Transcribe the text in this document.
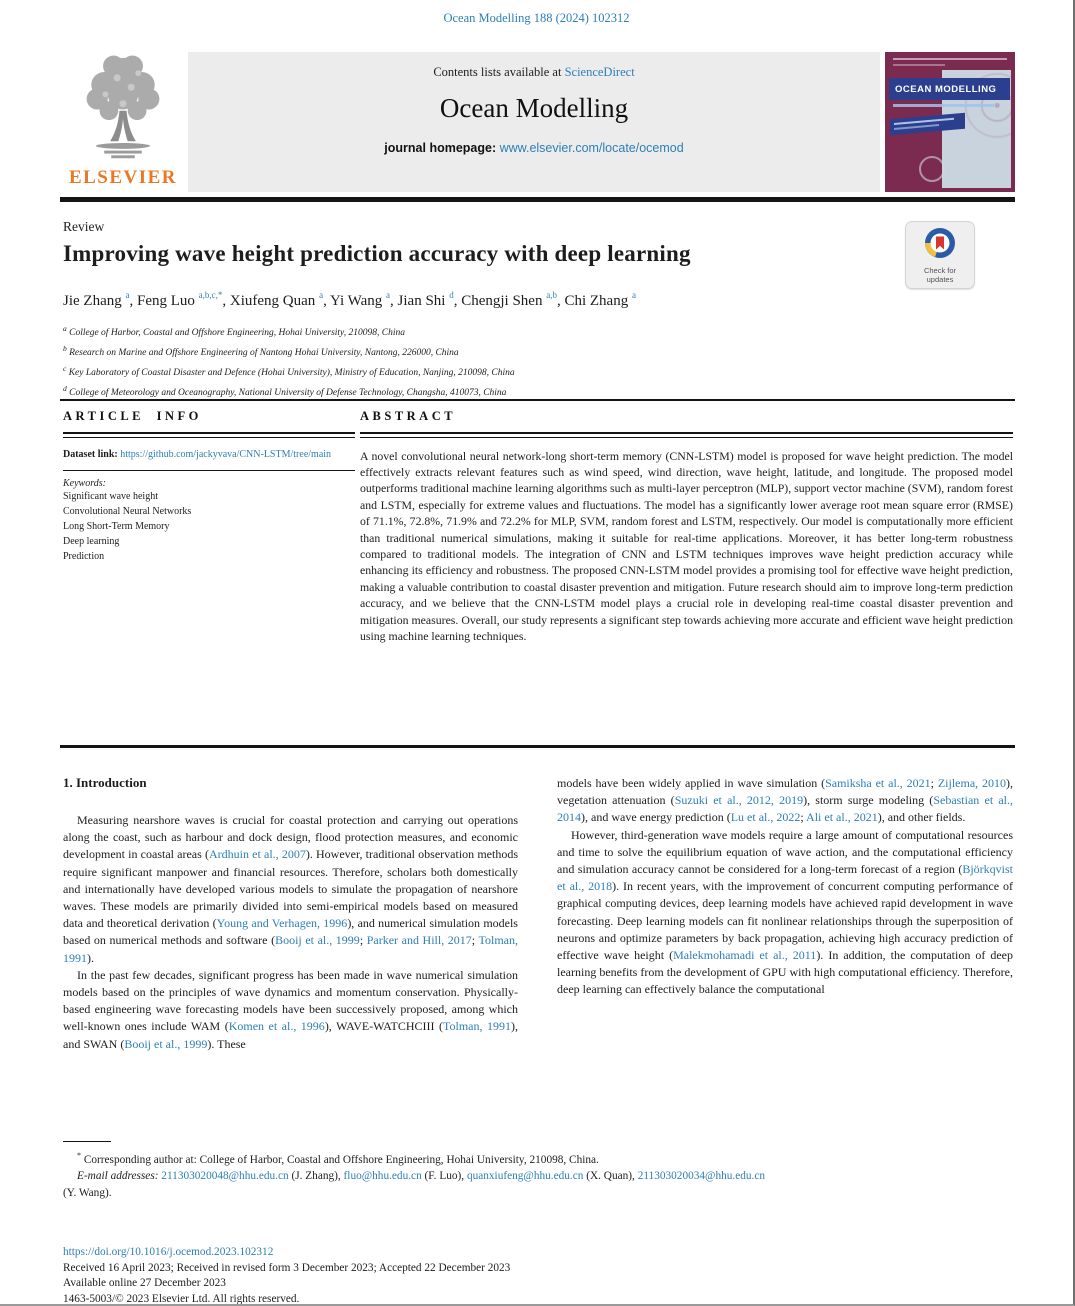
Ocean Modelling 188 (2024) 102312
ELSEVIER
Contents lists available at ScienceDirect
Ocean Modelling
journal homepage: www.elsevier.com/locate/ocemod
OCEAN MODELLING
Review
Improving wave height prediction accuracy with deep learning
Check for
updates
Jie Zhang $^a$, Feng Luo $^{a,b,c,*}$, Xiufeng Quan $^a$, Yi Wang $^a$, Jian Shi $^d$, Chengji Shen $^{a,b}$, Chi Zhang $^a$
$^a$ College of Harbor, Coastal and Offshore Engineering, Hohai University, 210098, China
$^b$ Research on Marine and Offshore Engineering of Nantong Hohai University, Nantong, 226000, China
$^c$ Key Laboratory of Coastal Disaster and Defence (Hohai University), Ministry of Education, Nanjing, 210098, China
$^d$ College of Meteorology and Oceanography, National University of Defense Technology, Changsha, 410073, China
ARTICLE INFO
Dataset link: https://github.com/jackyvava/CNN-LSTM/tree/main
Keywords:
Significant wave height
Convolutional Neural Networks
Long Short-Term Memory
Deep learning
Prediction
ABSTRACT
A novel convolutional neural network-long short-term memory (CNN-LSTM) model is proposed for wave height prediction. The model effectively extracts relevant features such as wind speed, wind direction, wave height, latitude, and longitude. The proposed model outperforms traditional machine learning algorithms such as multi-layer perceptron (MLP), support vector machine (SVM), random forest and LSTM, especially for extreme values and fluctuations. The model has a significantly lower average root mean square error (RMSE) of 71.1%, 72.8%, 71.9% and 72.2% for MLP, SVM, random forest and LSTM, respectively. Our model is computationally more efficient than traditional numerical simulations, making it suitable for real-time applications. Moreover, it has better long-term robustness compared to traditional models. The integration of CNN and LSTM techniques improves wave height prediction accuracy while enhancing its efficiency and robustness. The proposed CNN-LSTM model provides a promising tool for effective wave height prediction, making a valuable contribution to coastal disaster prevention and mitigation. Future research should aim to improve long-term prediction accuracy, and we believe that the CNN-LSTM model plays a crucial role in developing real-time coastal disaster prevention and mitigation measures. Overall, our study represents a significant step towards achieving more accurate and efficient wave height prediction using machine learning techniques.
1. Introduction

Measuring nearshore waves is crucial for coastal protection and carrying out operations along the coast, such as harbour and dock design, flood protection measures, and economic development in coastal areas (Ardhuin et al., 2007). However, traditional observation methods require significant manpower and financial resources. Therefore, scholars both domestically and internationally have developed various models to simulate the propagation of nearshore waves. These models are primarily divided into semi-empirical models based on measured data and theoretical derivation (Young and Verhagen, 1996), and numerical simulation models based on numerical methods and software (Booij et al., 1999; Parker and Hill, 2017; Tolman, 1991).

In the past few decades, significant progress has been made in wave numerical simulation models based on the principles of wave dynamics and momentum conservation. Physically-based engineering wave forecasting models have been successively proposed, among which well-known ones include WAM (Komen et al., 1996), WAVE-WATCHCIII (Tolman, 1991), and SWAN (Booij et al., 1999). These

models have been widely applied in wave simulation (Samiksha et al., 2021; Zijlema, 2010), vegetation attenuation (Suzuki et al., 2012, 2019), storm surge modeling (Sebastian et al., 2014), and wave energy prediction (Lu et al., 2022; Ali et al., 2021), and other fields.

However, third-generation wave models require a large amount of computational resources and time to solve the equilibrium equation of wave action, and the computational efficiency and simulation accuracy cannot be considered for a long-term forecast of a region (Björkqvist et al., 2018). In recent years, with the improvement of concurrent computing performance of graphical computing devices, deep learning models have achieved rapid development in wave forecasting. Deep learning models can fit nonlinear relationships through the superposition of neurons and optimize parameters by back propagation, achieving high accuracy prediction of effective wave height (Malekmohamadi et al., 2011). In addition, the computation of deep learning benefits from the development of GPU with high computational efficiency. Therefore, deep learning can effectively balance the computational

* Corresponding author at: College of Harbor, Coastal and Offshore Engineering, Hohai University, 210098, China.

E-mail addresses: 211303020048@hhu.edu.cn (J. Zhang), fluo@hhu.edu.cn (F. Luo), quanxiufeng@hhu.edu.cn (X. Quan), 211303020034@hhu.edu.cn

(Y. Wang).

https://doi.org/10.1016/j.ocemod.2023.102312
Received 16 April 2023; Received in revised form 3 December 2023; Accepted 22 December 2023
Available online 27 December 2023
1463-5003/© 2023 Elsevier Ltd. All rights reserved.
